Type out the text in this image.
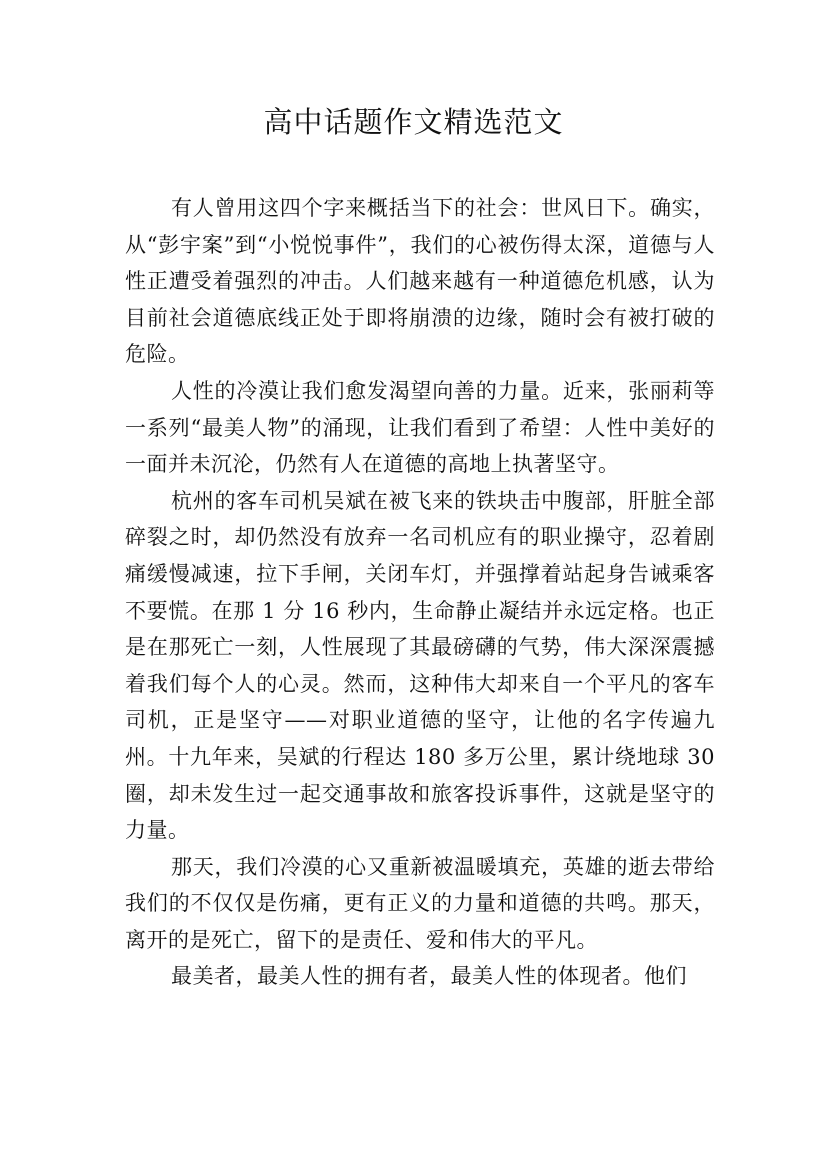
高中话题作文精选范文

有人曾用这四个字来概括当下的社会：世风日下。确实，从“彭宇案”到“小悦悦事件”，我们的心被伤得太深，道德与人性正遭受着强烈的冲击。人们越来越有一种道德危机感，认为目前社会道德底线正处于即将崩溃的边缘，随时会有被打破的危险。

人性的冷漠让我们愈发渴望向善的力量。近来，张丽莉等一系列“最美人物”的涌现，让我们看到了希望：人性中美好的一面并未沉沦，仍然有人在道德的高地上执著坚守。

杭州的客车司机吴斌在被飞来的铁块击中腹部，肝脏全部碎裂之时，却仍然没有放弃一名司机应有的职业操守，忍着剧痛缓慢减速，拉下手闸，关闭车灯，并强撑着站起身告诫乘客不要慌。在那 1 分 16 秒内，生命静止凝结并永远定格。也正是在那死亡一刻，人性展现了其最磅礴的气势，伟大深深震撼着我们每个人的心灵。然而，这种伟大却来自一个平凡的客车司机，正是坚守——对职业道德的坚守，让他的名字传遍九州。十九年来，吴斌的行程达 180 多万公里，累计绕地球 30 圈，却未发生过一起交通事故和旅客投诉事件，这就是坚守的力量。

那天，我们冷漠的心又重新被温暖填充，英雄的逝去带给我们的不仅仅是伤痛，更有正义的力量和道德的共鸣。那天，离开的是死亡，留下的是责任、爱和伟大的平凡。

最美者，最美人性的拥有者，最美人性的体现者。他们
